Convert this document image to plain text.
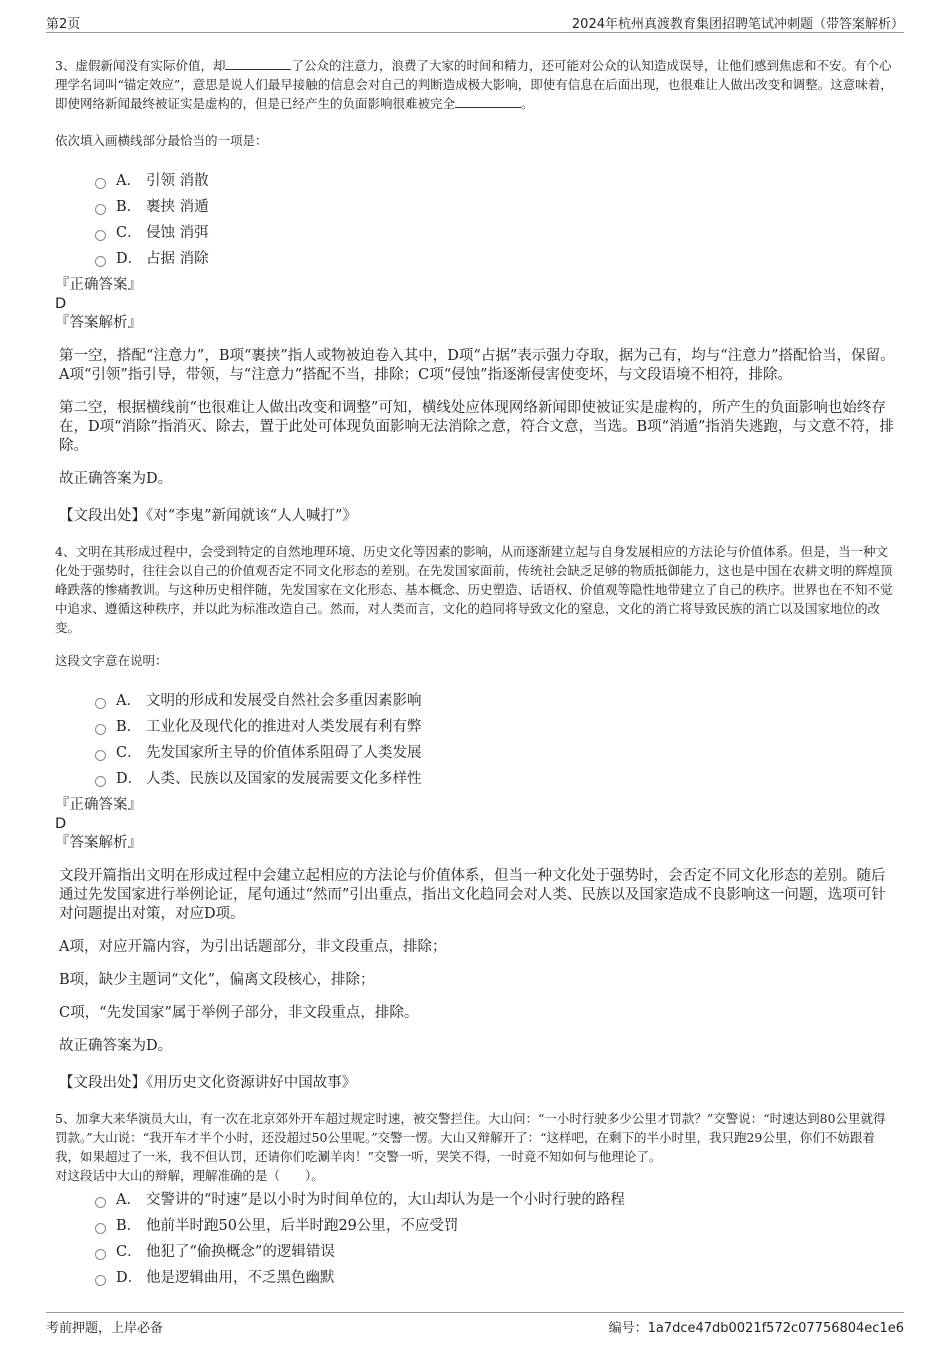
第2页	2024年杭州真渡教育集团招聘笔试冲刺题（带答案解析）

3、虚假新闻没有实际价值，却	了公众的注意力，浪费了大家的时间和精力，还可能对公众的认知造成误导，让他们感到焦虑和不安。有个心理学名词叫“锚定效应”，意思是说人们最早接触的信息会对自己的判断造成极大影响，即使有信息在后面出现，也很难让人做出改变和调整。这意味着，即使网络新闻最终被证实是虚构的，但是已经产生的负面影响很难被完全	。

依次填入画横线部分最恰当的一项是：

A． 引领 消散
B． 裹挟 消遁
C． 侵蚀 消弭
D． 占据 消除

『正确答案』

D

『答案解析』

第一空，搭配“注意力”，B项“裹挟”指人或物被迫卷入其中，D项“占据”表示强力夺取，据为己有，均与“注意力”搭配恰当，保留。A项“引领”指引导，带领，与“注意力”搭配不当，排除；C项“侵蚀”指逐渐侵害使变坏，与文段语境不相符，排除。

第二空，根据横线前“也很难让人做出改变和调整”可知，横线处应体现网络新闻即使被证实是虚构的，所产生的负面影响也始终存在，D项“消除”指消灭、除去，置于此处可体现负面影响无法消除之意，符合文意，当选。B项“消遁”指消失逃跑，与文意不符，排除。

故正确答案为D。

【文段出处】《对“李鬼”新闻就该“人人喊打”》

4、文明在其形成过程中，会受到特定的自然地理环境、历史文化等因素的影响，从而逐渐建立起与自身发展相应的方法论与价值体系。但是，当一种文化处于强势时，往往会以自己的价值观否定不同文化形态的差别。在先发国家面前，传统社会缺乏足够的物质抵御能力，这也是中国在农耕文明的辉煌顶峰跌落的惨痛教训。与这种历史相伴随，先发国家在文化形态、基本概念、历史塑造、话语权、价值观等隐性地带建立了自己的秩序。世界也在不知不觉中追求、遵循这种秩序，并以此为标准改造自己。然而，对人类而言，文化的趋同将导致文化的窒息，文化的消亡将导致民族的消亡以及国家地位的改变。

这段文字意在说明：

A． 文明的形成和发展受自然社会多重因素影响
B． 工业化及现代化的推进对人类发展有利有弊
C． 先发国家所主导的价值体系阻碍了人类发展
D． 人类、民族以及国家的发展需要文化多样性

『正确答案』

D

『答案解析』

文段开篇指出文明在形成过程中会建立起相应的方法论与价值体系，但当一种文化处于强势时，会否定不同文化形态的差别。随后通过先发国家进行举例论证，尾句通过“然而”引出重点，指出文化趋同会对人类、民族以及国家造成不良影响这一问题，选项可针对问题提出对策，对应D项。

A项，对应开篇内容，为引出话题部分，非文段重点，排除；

B项，缺少主题词“文化”，偏离文段核心，排除；

C项，“先发国家”属于举例子部分，非文段重点，排除。

故正确答案为D。

【文段出处】《用历史文化资源讲好中国故事》

5、加拿大来华演员大山，有一次在北京郊外开车超过规定时速，被交警拦住。大山问：“一小时行驶多少公里才罚款？”交警说：“时速达到80公里就得罚款。”大山说：“我开车才半个小时，还没超过50公里呢。”交警一愣。大山又辩解开了：“这样吧，在剩下的半小时里，我只跑29公里，你们不妨跟着我，如果超过了一米，我不但认罚，还请你们吃涮羊肉！”交警一听，哭笑不得，一时竟不知如何与他理论了。

对这段话中大山的辩解，理解准确的是（　　）。

A． 交警讲的“时速”是以小时为时间单位的，大山却认为是一个小时行驶的路程
B． 他前半时跑50公里，后半时跑29公里，不应受罚
C． 他犯了“偷换概念”的逻辑错误
D． 他是逻辑曲用，不乏黑色幽默
考前押题，上岸必备	编号：1a7dce47db0021f572c07756804ec1e6
